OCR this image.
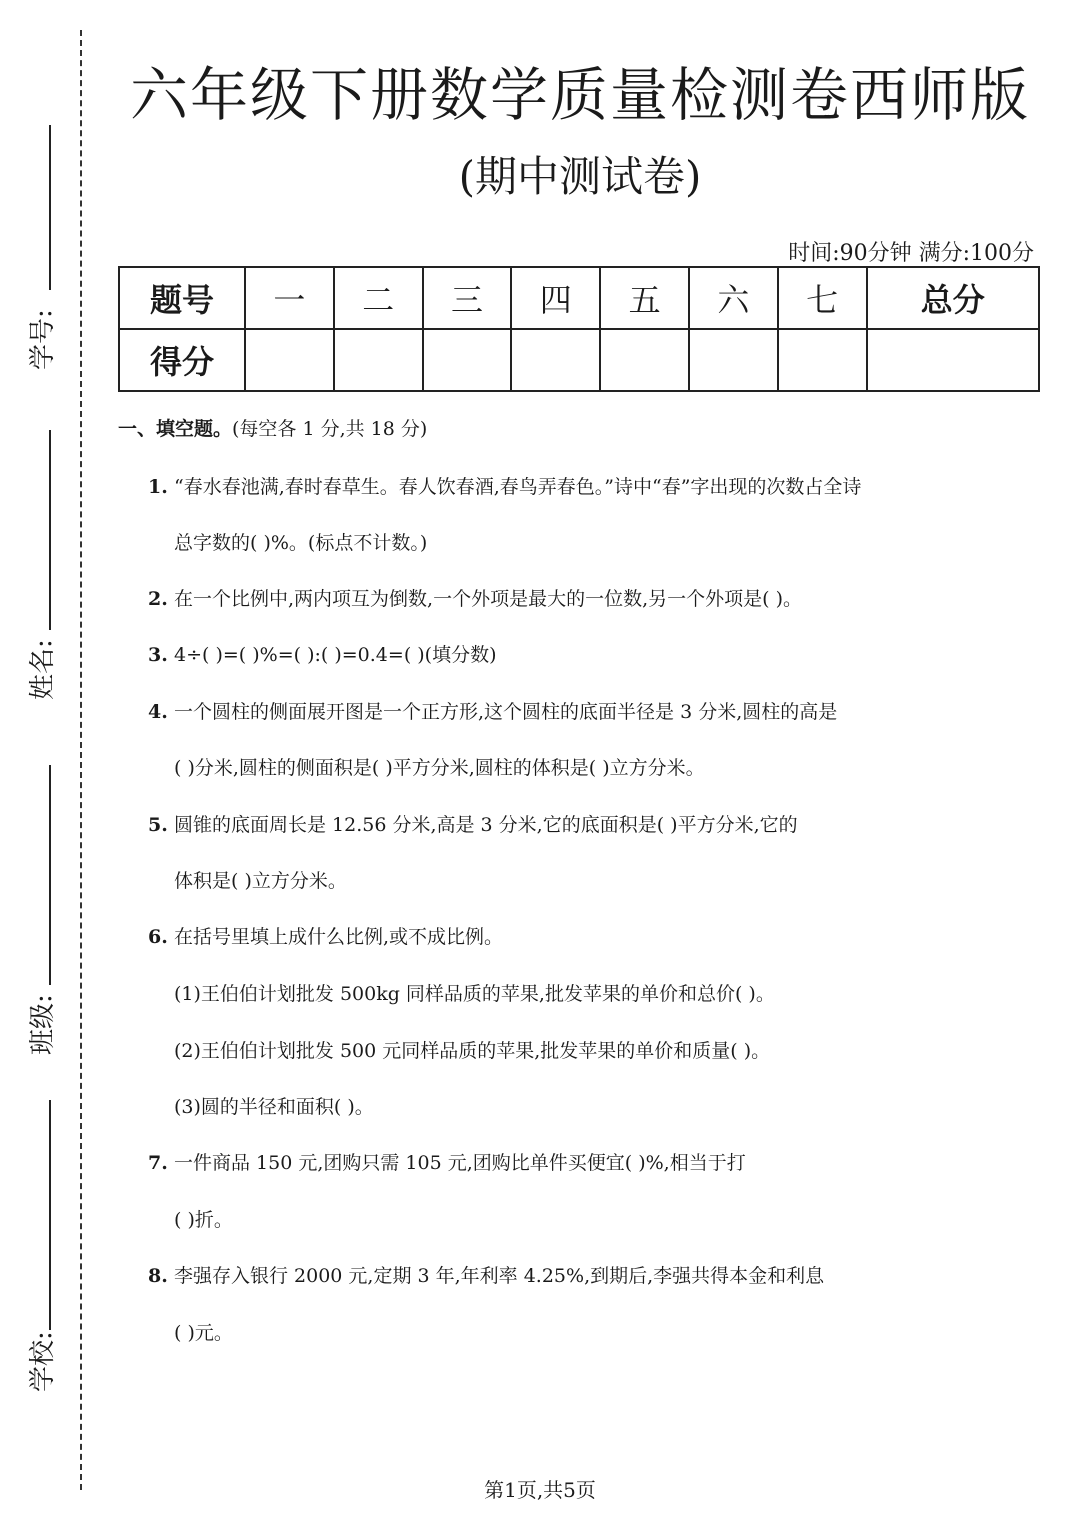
学号:
姓名:
班级:
学校:
六年级下册数学质量检测卷西师版
(期中测试卷)
时间:90分钟 满分:100分
题号	一	二	三	四	五	六	七	总分
得分								
一、填空题。(每空各 1 分,共 18 分)
1. “春水春池满,春时春草生。春人饮春酒,春鸟弄春色。”诗中“春”字出现的次数占全诗
总字数的( )%。(标点不计数。)
2. 在一个比例中,两内项互为倒数,一个外项是最大的一位数,另一个外项是( )。
3. 4÷( )=( )%=( ):( )=0.4=( )(填分数)
4. 一个圆柱的侧面展开图是一个正方形,这个圆柱的底面半径是 3 分米,圆柱的高是
( )分米,圆柱的侧面积是( )平方分米,圆柱的体积是( )立方分米。
5. 圆锥的底面周长是 12.56 分米,高是 3 分米,它的底面积是( )平方分米,它的
体积是( )立方分米。
6. 在括号里填上成什么比例,或不成比例。
(1)王伯伯计划批发 500kg 同样品质的苹果,批发苹果的单价和总价( )。
(2)王伯伯计划批发 500 元同样品质的苹果,批发苹果的单价和质量( )。
(3)圆的半径和面积( )。
7. 一件商品 150 元,团购只需 105 元,团购比单件买便宜( )%,相当于打
( )折。
8. 李强存入银行 2000 元,定期 3 年,年利率 4.25%,到期后,李强共得本金和利息
( )元。
第1页,共5页
